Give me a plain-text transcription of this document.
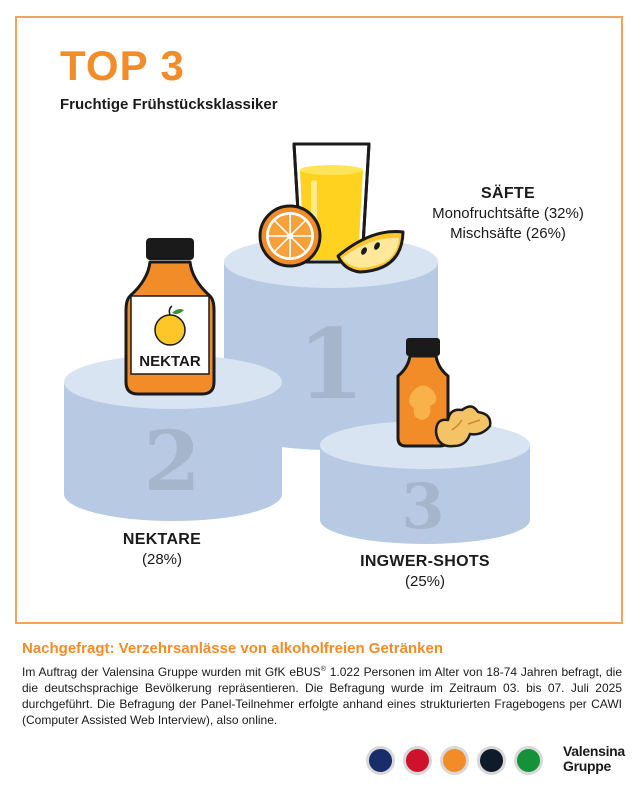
TOP 3
Fruchtige Frühstücksklassiker
1
2	3
NEKTAR
SÄFTE
Monofruchtsäfte (32%)
Mischsäfte (26%)
NEKTARE
(28%)	INGWER-SHOTS
(25%)
Nachgefragt: Verzehrsanlässe von alkoholfreien Getränken
Im Auftrag der Valensina Gruppe wurden mit GfK eBUS® 1.022 Personen im Alter von 18-74 Jahren befragt, die die deutschsprachige Bevölkerung repräsentieren. Die Befragung wurde im Zeitraum 03. bis 07. Juli 2025 durchgeführt. Die Befragung der Panel-Teilnehmer erfolgte anhand eines strukturierten Fragebogens per CAWI (Computer Assisted Web Interview), also online.
Valensina
Gruppe
